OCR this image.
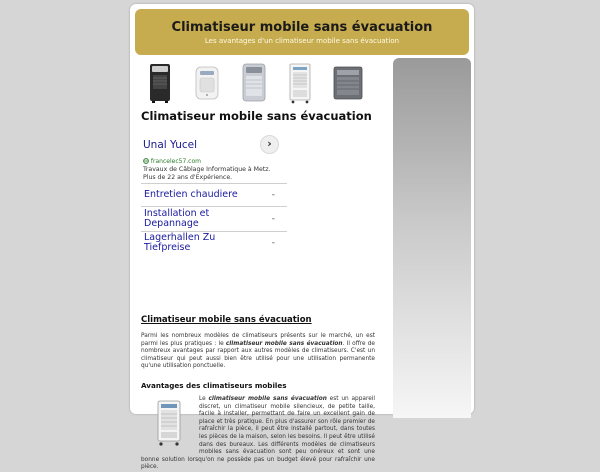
Climatiseur mobile sans évacuation

Les avantages d'un climatiseur mobile sans évacuation

Climatiseur mobile sans évacuation
Unal Yucel	›
francelec57.com
Travaux de Câblage Informatique à Metz.
Plus de 22 ans d'Expérience.
Entretien chaudiere	-
Installation et Depannage	-
Lagerhallen Zu Tiefpreise	-
Climatiseur mobile sans évacuation
Parmi les nombreux modèles de climatiseurs présents sur le marché, un est parmi les plus pratiques : le climatiseur mobile sans évacuation. Il offre de nombreux avantages par rapport aux autres modèles de climatiseurs. C'est un climatiseur qui peut aussi bien être utilisé pour une utilisation permanente qu'une utilisation ponctuelle.
Avantages des climatiseurs mobiles
Le climatiseur mobile sans évacuation est un appareil discret, un climatiseur mobile silencieux, de petite taille, facile à installer, permettant de faire un excellent gain de place et très pratique. En plus d'assurer son rôle premier de rafraîchir la pièce, il peut être installé partout, dans toutes les pièces de la maison, selon les besoins. Il peut être utilisé dans des bureaux. Les différents modèles de climatiseurs mobiles sans évacuation sont peu onéreux et sont une bonne solution lorsqu'on ne possède pas un budget élevé pour rafraîchir une pièce.
